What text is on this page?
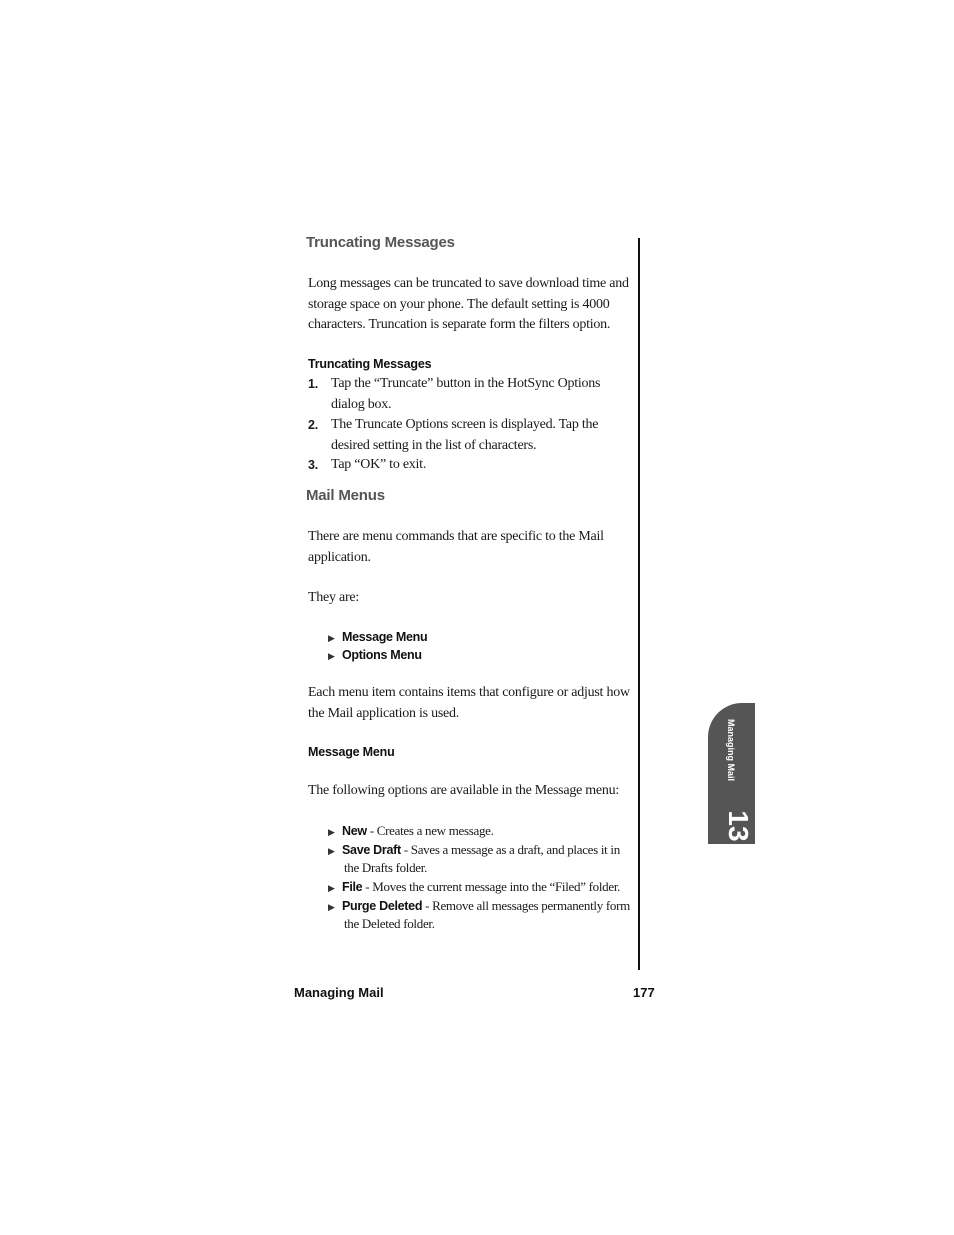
Truncating Messages
Long messages can be truncated to save download time and storage space on your phone. The default setting is 4000 characters. Truncation is separate form the filters option.
Truncating Messages
1. Tap the “Truncate” button in the HotSync Options dialog box.
2. The Truncate Options screen is displayed. Tap the desired setting in the list of characters.
3. Tap “OK” to exit.
Mail Menus
There are menu commands that are specific to the Mail application.
They are:
▶ Message Menu
▶ Options Menu
Each menu item contains items that configure or adjust how the Mail application is used.
Message Menu
The following options are available in the Message menu:
▶ New - Creates a new message.
▶ Save Draft - Saves a message as a draft, and places it in
the Drafts folder.
▶ File - Moves the current message into the “Filed” folder.
▶ Purge Deleted - Remove all messages permanently form
the Deleted folder.
Managing Mail
13
Managing Mail	177
